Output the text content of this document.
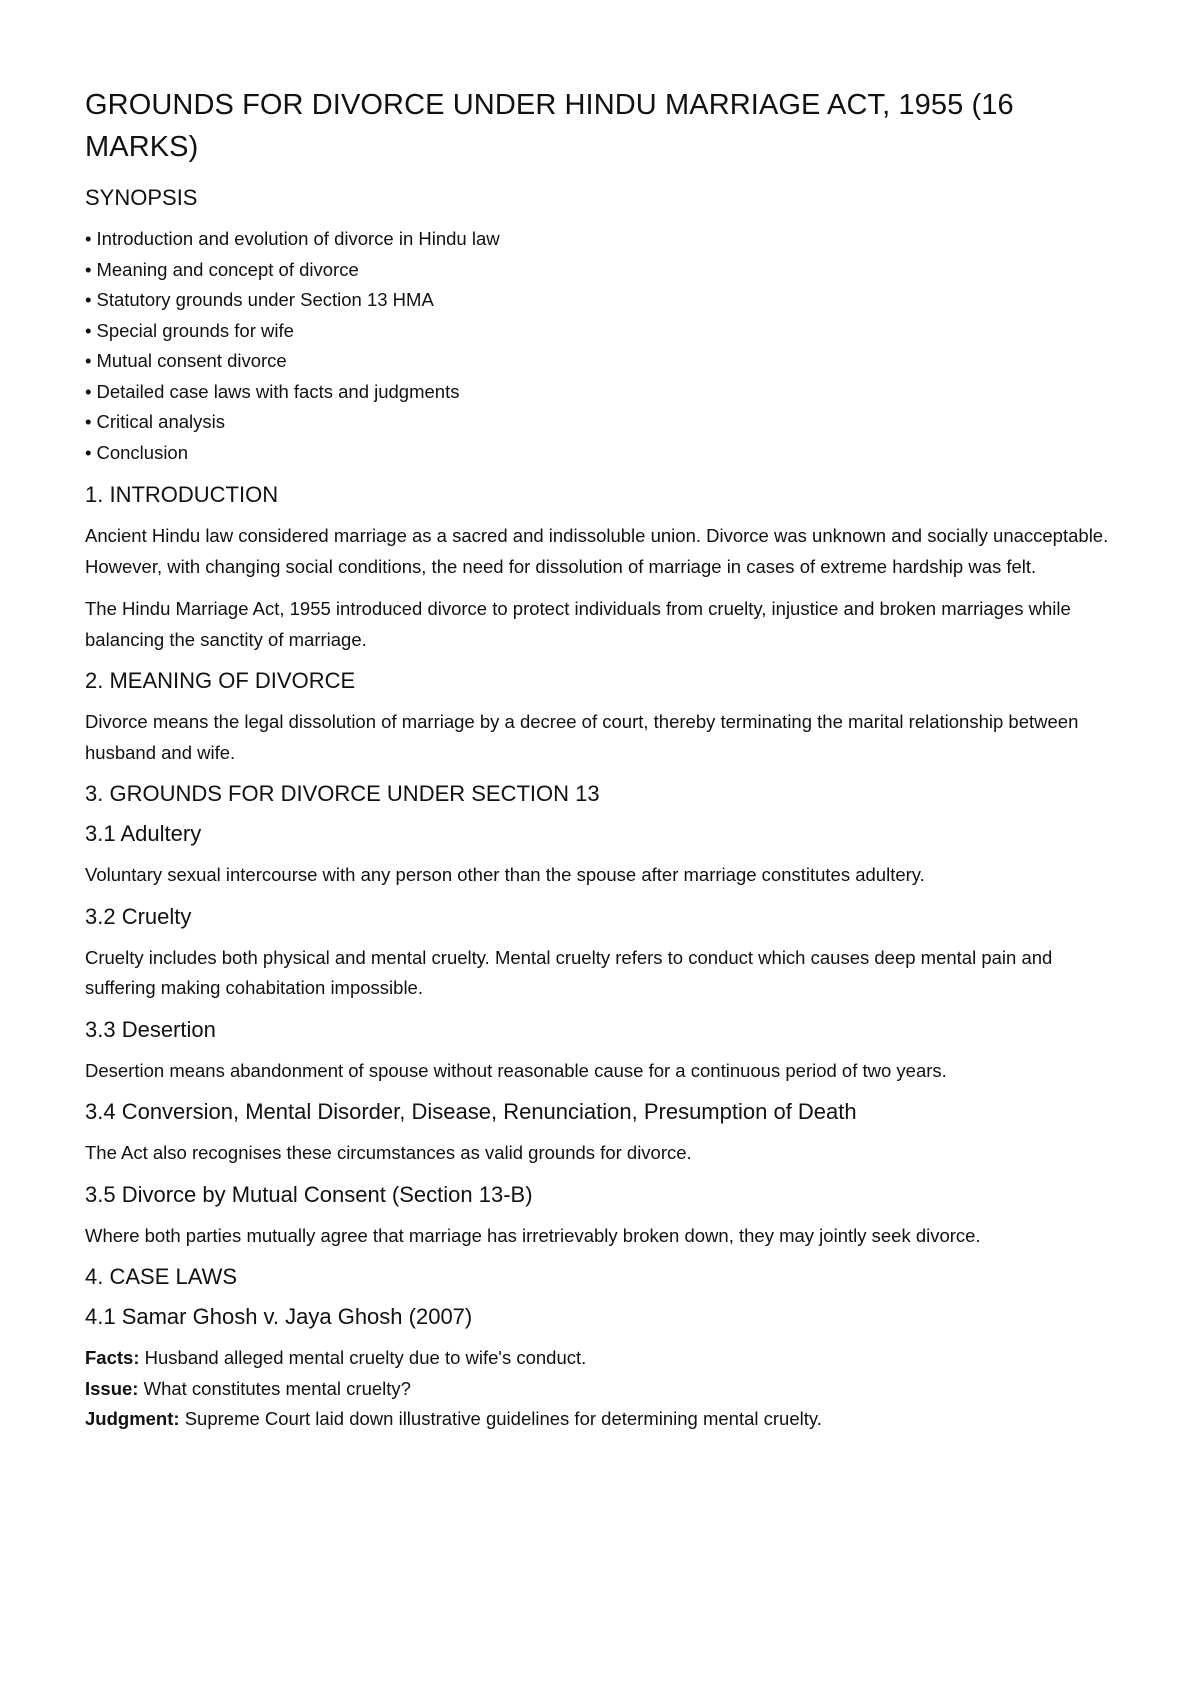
GROUNDS FOR DIVORCE UNDER HINDU MARRIAGE ACT, 1955 (16 MARKS)
SYNOPSIS
• Introduction and evolution of divorce in Hindu law
• Meaning and concept of divorce
• Statutory grounds under Section 13 HMA
• Special grounds for wife
• Mutual consent divorce
• Detailed case laws with facts and judgments
• Critical analysis
• Conclusion
1. INTRODUCTION

Ancient Hindu law considered marriage as a sacred and indissoluble union. Divorce was unknown and socially unacceptable. However, with changing social conditions, the need for dissolution of marriage in cases of extreme hardship was felt.

The Hindu Marriage Act, 1955 introduced divorce to protect individuals from cruelty, injustice and broken marriages while balancing the sanctity of marriage.

2. MEANING OF DIVORCE

Divorce means the legal dissolution of marriage by a decree of court, thereby terminating the marital relationship between husband and wife.

3. GROUNDS FOR DIVORCE UNDER SECTION 13
3.1 Adultery

Voluntary sexual intercourse with any person other than the spouse after marriage constitutes adultery.

3.2 Cruelty

Cruelty includes both physical and mental cruelty. Mental cruelty refers to conduct which causes deep mental pain and suffering making cohabitation impossible.

3.3 Desertion

Desertion means abandonment of spouse without reasonable cause for a continuous period of two years.

3.4 Conversion, Mental Disorder, Disease, Renunciation, Presumption of Death

The Act also recognises these circumstances as valid grounds for divorce.

3.5 Divorce by Mutual Consent (Section 13-B)

Where both parties mutually agree that marriage has irretrievably broken down, they may jointly seek divorce.

4. CASE LAWS
4.1 Samar Ghosh v. Jaya Ghosh (2007)
Facts: Husband alleged mental cruelty due to wife's conduct.
Issue: What constitutes mental cruelty?
Judgment: Supreme Court laid down illustrative guidelines for determining mental cruelty.
